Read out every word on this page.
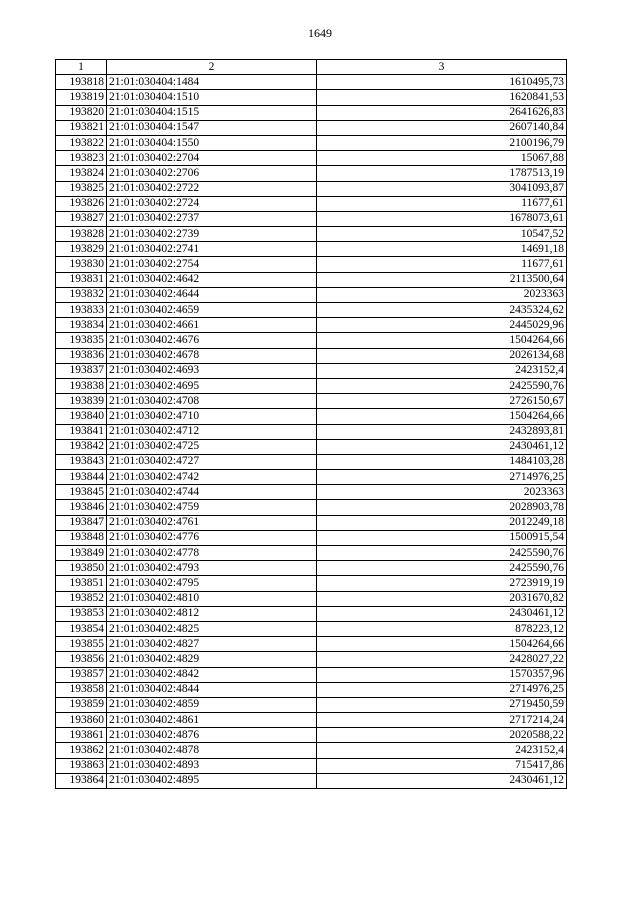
1649
1	2	3
193818	21:01:030404:1484	1610495,73
193819	21:01:030404:1510	1620841,53
193820	21:01:030404:1515	2641626,83
193821	21:01:030404:1547	2607140,84
193822	21:01:030404:1550	2100196,79
193823	21:01:030402:2704	15067,88
193824	21:01:030402:2706	1787513,19
193825	21:01:030402:2722	3041093,87
193826	21:01:030402:2724	11677,61
193827	21:01:030402:2737	1678073,61
193828	21:01:030402:2739	10547,52
193829	21:01:030402:2741	14691,18
193830	21:01:030402:2754	11677,61
193831	21:01:030402:4642	2113500,64
193832	21:01:030402:4644	2023363
193833	21:01:030402:4659	2435324,62
193834	21:01:030402:4661	2445029,96
193835	21:01:030402:4676	1504264,66
193836	21:01:030402:4678	2026134,68
193837	21:01:030402:4693	2423152,4
193838	21:01:030402:4695	2425590,76
193839	21:01:030402:4708	2726150,67
193840	21:01:030402:4710	1504264,66
193841	21:01:030402:4712	2432893,81
193842	21:01:030402:4725	2430461,12
193843	21:01:030402:4727	1484103,28
193844	21:01:030402:4742	2714976,25
193845	21:01:030402:4744	2023363
193846	21:01:030402:4759	2028903,78
193847	21:01:030402:4761	2012249,18
193848	21:01:030402:4776	1500915,54
193849	21:01:030402:4778	2425590,76
193850	21:01:030402:4793	2425590,76
193851	21:01:030402:4795	2723919,19
193852	21:01:030402:4810	2031670,82
193853	21:01:030402:4812	2430461,12
193854	21:01:030402:4825	878223,12
193855	21:01:030402:4827	1504264,66
193856	21:01:030402:4829	2428027,22
193857	21:01:030402:4842	1570357,96
193858	21:01:030402:4844	2714976,25
193859	21:01:030402:4859	2719450,59
193860	21:01:030402:4861	2717214,24
193861	21:01:030402:4876	2020588,22
193862	21:01:030402:4878	2423152,4
193863	21:01:030402:4893	715417,86
193864	21:01:030402:4895	2430461,12
